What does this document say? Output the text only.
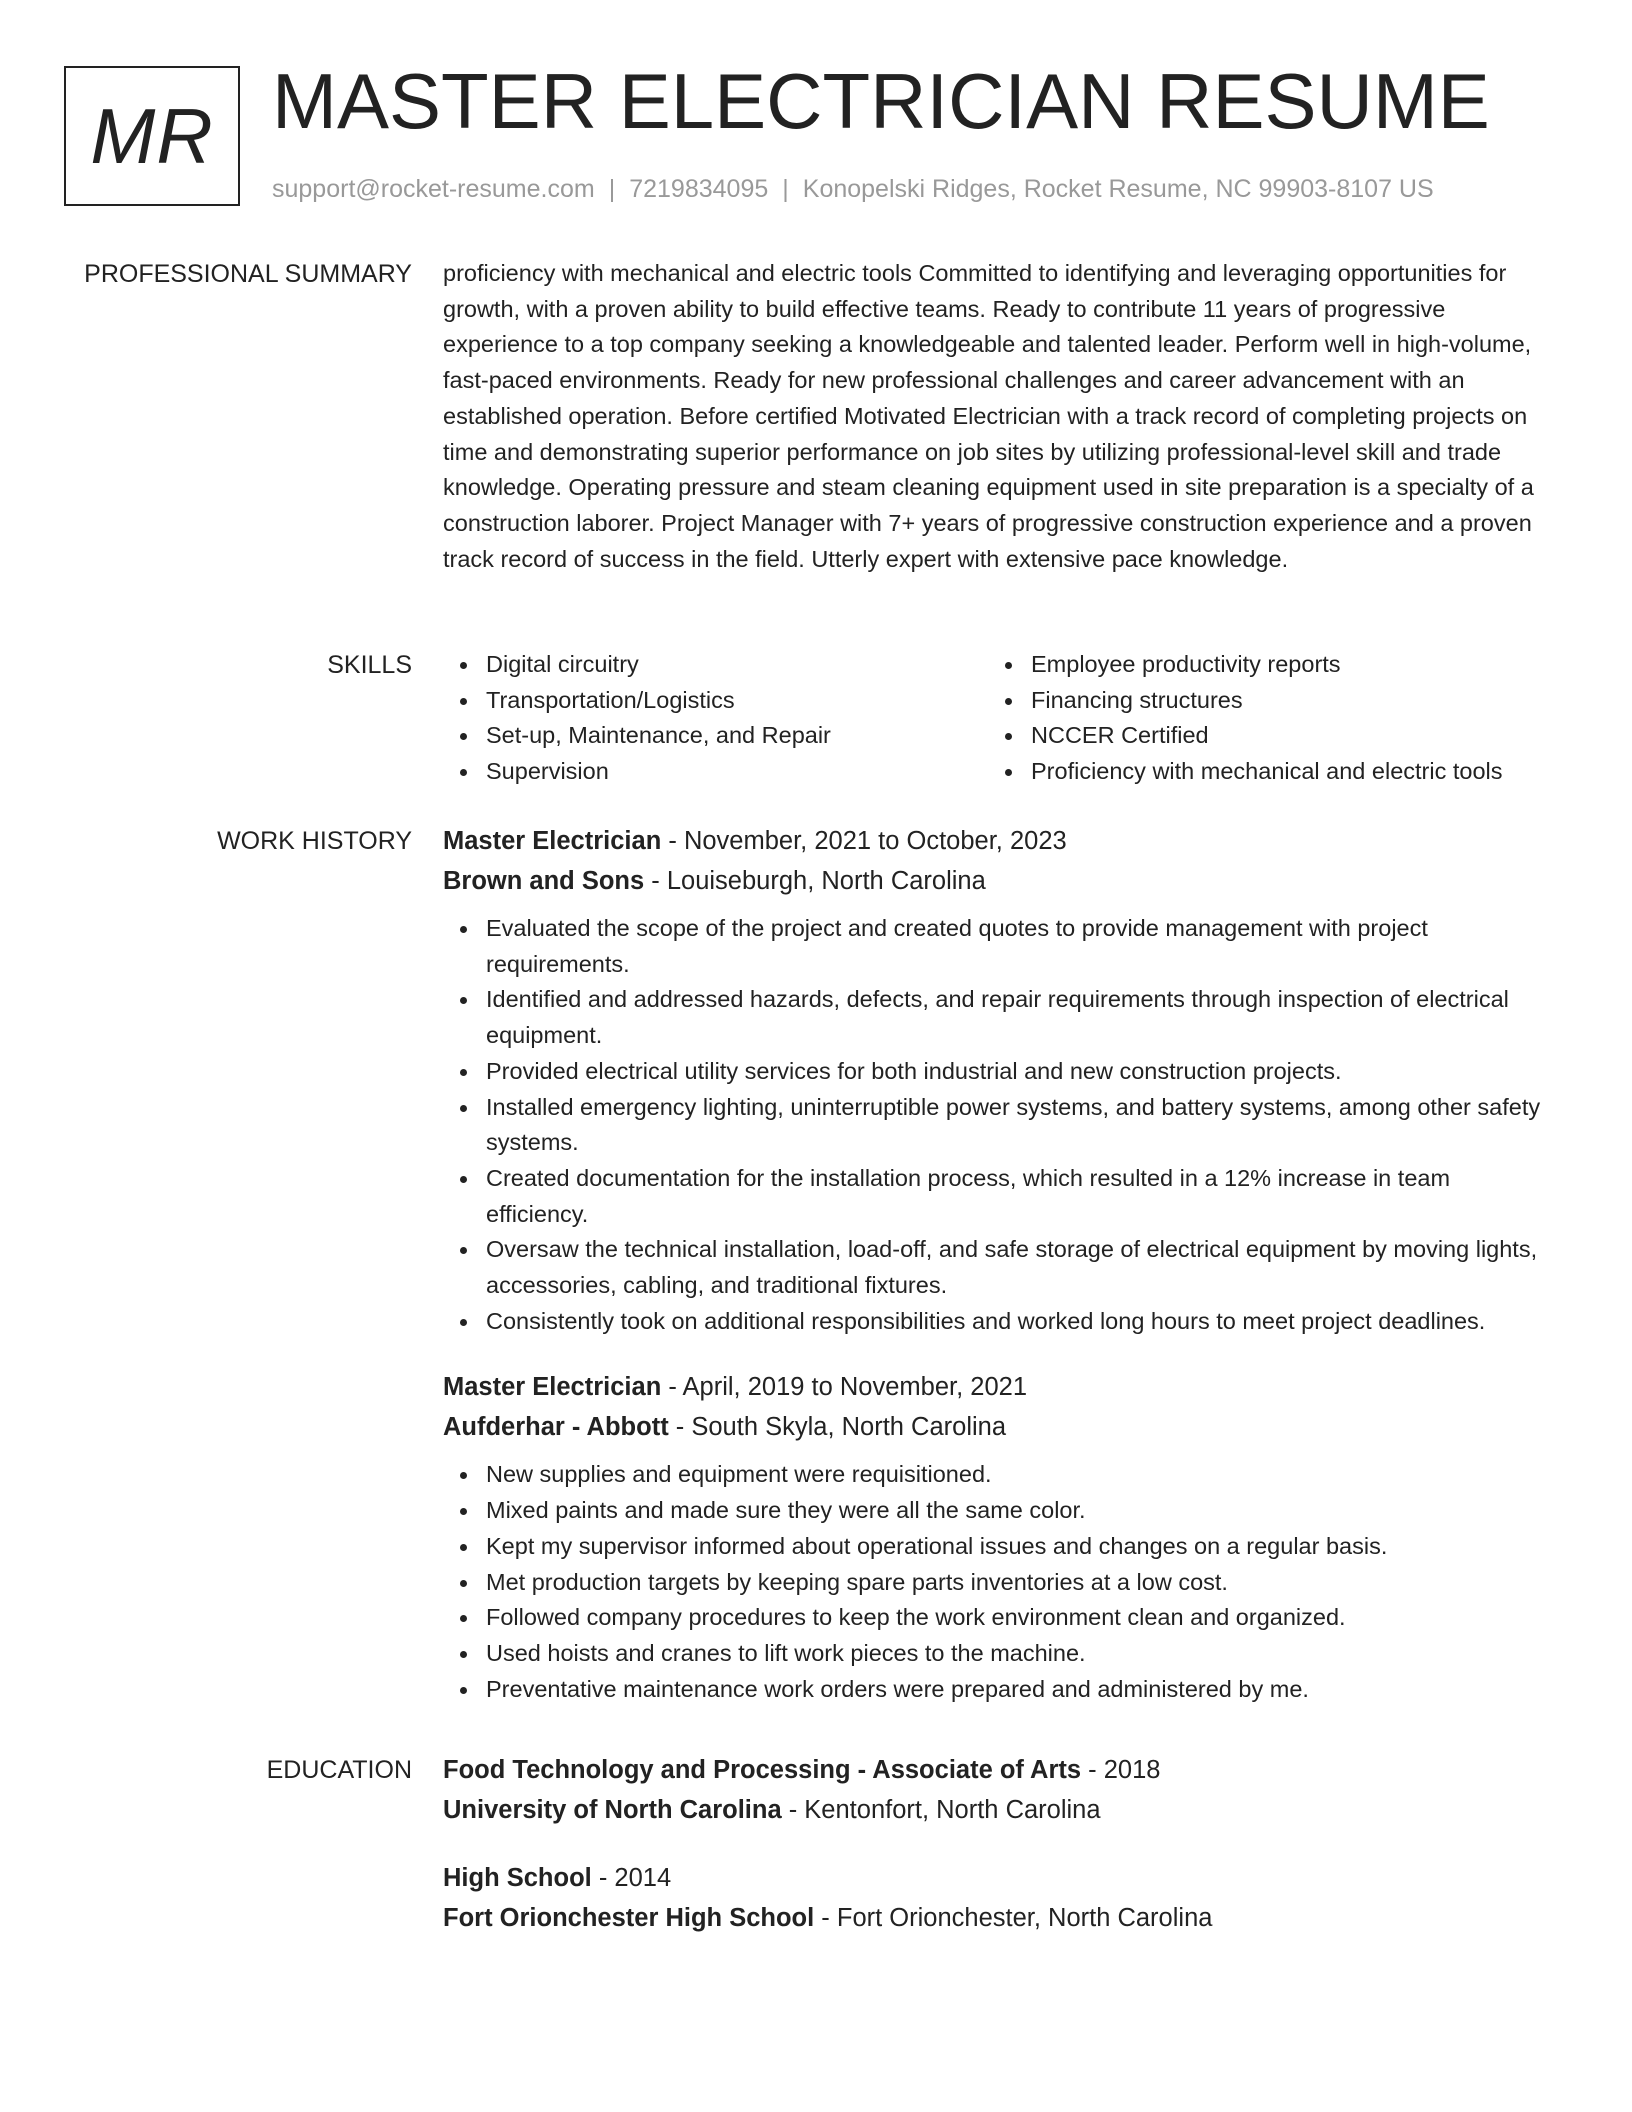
MR MASTER ELECTRICIAN RESUME
support@rocket-resume.com | 7219834095 | Konopelski Ridges, Rocket Resume, NC 99903-8107 US
PROFESSIONAL SUMMARY proficiency with mechanical and electric tools Committed to identifying and leveraging opportunities for growth, with a proven ability to build effective teams. Ready to contribute 11 years of progressive experience to a top company seeking a knowledgeable and talented leader. Perform well in high-volume, fast-paced environments. Ready for new professional challenges and career advancement with an established operation. Before certified Motivated Electrician with a track record of completing projects on time and demonstrating superior performance on job sites by utilizing professional-level skill and trade knowledge. Operating pressure and steam cleaning equipment used in site preparation is a specialty of a construction laborer. Project Manager with 7+ years of progressive construction experience and a proven track record of success in the field. Utterly expert with extensive pace knowledge.

SKILLS	Digital circuitry	Employee productivity reports
Transportation/Logistics	Financing structures
Set-up, Maintenance, and Repair	NCCER Certified
Supervision	Proficiency with mechanical and electric tools
WORK HISTORY Master Electrician - November, 2021 to October, 2023
Brown and Sons - Louiseburgh, North Carolina
Evaluated the scope of the project and created quotes to provide management with project requirements.
Identified and addressed hazards, defects, and repair requirements through inspection of electrical equipment.
Provided electrical utility services for both industrial and new construction projects.
Installed emergency lighting, uninterruptible power systems, and battery systems, among other safety systems.
Created documentation for the installation process, which resulted in a 12% increase in team efficiency.
Oversaw the technical installation, load-off, and safe storage of electrical equipment by moving lights, accessories, cabling, and traditional fixtures.
Consistently took on additional responsibilities and worked long hours to meet project deadlines.
Master Electrician - April, 2019 to November, 2021
Aufderhar - Abbott - South Skyla, North Carolina
New supplies and equipment were requisitioned.
Mixed paints and made sure they were all the same color.
Kept my supervisor informed about operational issues and changes on a regular basis.
Met production targets by keeping spare parts inventories at a low cost.
Followed company procedures to keep the work environment clean and organized.
Used hoists and cranes to lift work pieces to the machine.
Preventative maintenance work orders were prepared and administered by me.
EDUCATION Food Technology and Processing - Associate of Arts - 2018
University of North Carolina - Kentonfort, North Carolina
High School - 2014
Fort Orionchester High School - Fort Orionchester, North Carolina
